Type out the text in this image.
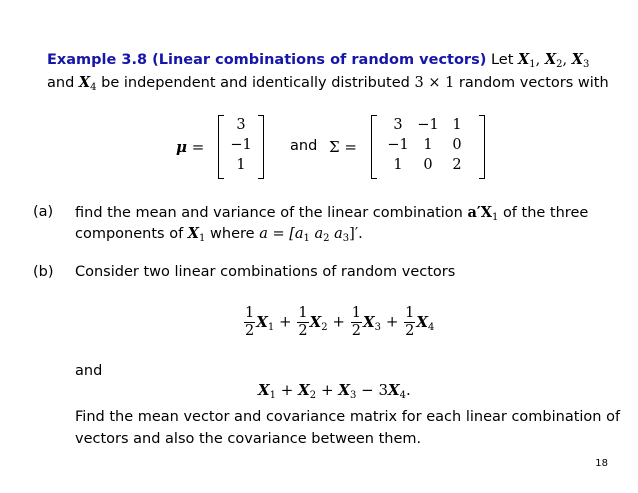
Example 3.8 (Linear combinations of random vectors) Let $X_1$, $X_2$, $X_3$
and $X_4$ be independent and identically distributed 3 × 1 random vectors with
μ =
3
−1
1
and Σ =
3	−1 1
−1	1	0
1	0	2
(a) find the mean and variance of the linear combination $a'X_1$ of the three
components of $X_1$ where $a = [a_1$ $a_2$ $a_3]'$.
(b) Consider two linear combinations of random vectors
$\frac{1}{2} X_1 + \frac{1}{2} X_2 + \frac{1}{2} X_3 + \frac{1}{2} X_4$
and
$X_1 + X_2 + X_3 - 3X_4$.
Find the mean vector and covariance matrix for each linear combination of
vectors and also the covariance between them.
18
